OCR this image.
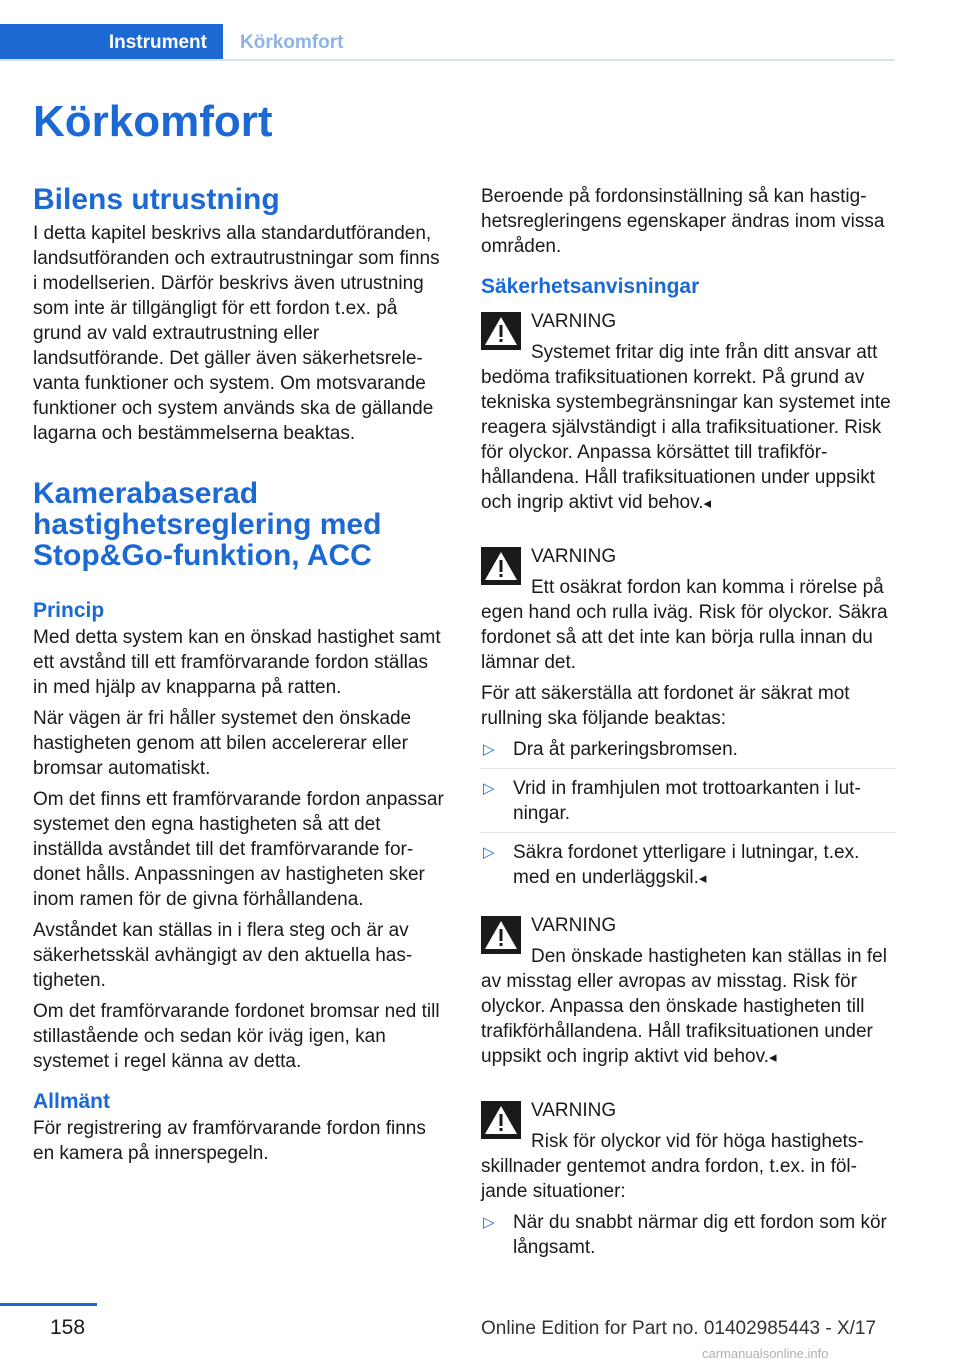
Instrument Körkomfort
Körkomfort
Bilens utrustning

I detta kapitel beskrivs alla standardutföranden, landsutföranden och extrautrustningar som finns i modellserien. Därför beskrivs även utrustning som inte är tillgängligt för ett fordon t.ex. på grund av vald extrautrustning eller landsutförande. Det gäller även säkerhetsrelevanta funktioner och system. Om motsvarande funktioner och system används ska de gällande lagarna och bestämmelserna beaktas.

Kamerabaserad hastighetsreglering med Stop&Go-funktion, ACC
Princip

Med detta system kan en önskad hastighet samt ett avstånd till ett framförvarande fordon ställas in med hjälp av knapparna på ratten.

När vägen är fri håller systemet den önskade hastigheten genom att bilen accelererar eller bromsar automatiskt.

Om det finns ett framförvarande fordon anpassar systemet den egna hastigheten så att det inställda avståndet till det framförvarande fordonet hålls. Anpassningen av hastigheten sker inom ramen för de givna förhållandena.

Avståndet kan ställas in i flera steg och är av säkerhetsskäl avhängigt av den aktuella hastigheten.

Om det framförvarande fordonet bromsar ned till stillastående och sedan kör iväg igen, kan systemet i regel känna av detta.

Allmänt

För registrering av framförvarande fordon finns en kamera på innerspegeln.

Beroende på fordonsinställning så kan hastighetsregleringens egenskaper ändras inom vissa områden.

Säkerhetsanvisningar
VARNING

Systemet fritar dig inte från ditt ansvar att bedöma trafiksituationen korrekt. På grund av tekniska systembegränsningar kan systemet inte reagera självständigt i alla trafiksituationer. Risk för olyckor. Anpassa körsättet till trafikförhållandena. Håll trafiksituationen under uppsikt och ingrip aktivt vid behov.◂

VARNING

Ett osäkrat fordon kan komma i rörelse på egen hand och rulla iväg. Risk för olyckor. Säkra fordonet så att det inte kan börja rulla innan du lämnar det.

För att säkerställa att fordonet är säkrat mot rullning ska följande beaktas:

▷ Dra åt parkeringsbromsen.
▷ Vrid in framhjulen mot trottoarkanten i lutningar.
▷ Säkra fordonet ytterligare i lutningar, t.ex. med en underläggskil.◂
VARNING

Den önskade hastigheten kan ställas in fel av misstag eller avropas av misstag. Risk för olyckor. Anpassa den önskade hastigheten till trafikförhållandena. Håll trafiksituationen under uppsikt och ingrip aktivt vid behov.◂

VARNING

Risk för olyckor vid för höga hastighetsskillnader gentemot andra fordon, t.ex. in följande situationer:

▷ När du snabbt närmar dig ett fordon som kör långsamt.
158	Online Edition for Part no. 01402985443 - X/17
carmanualsonline.info
